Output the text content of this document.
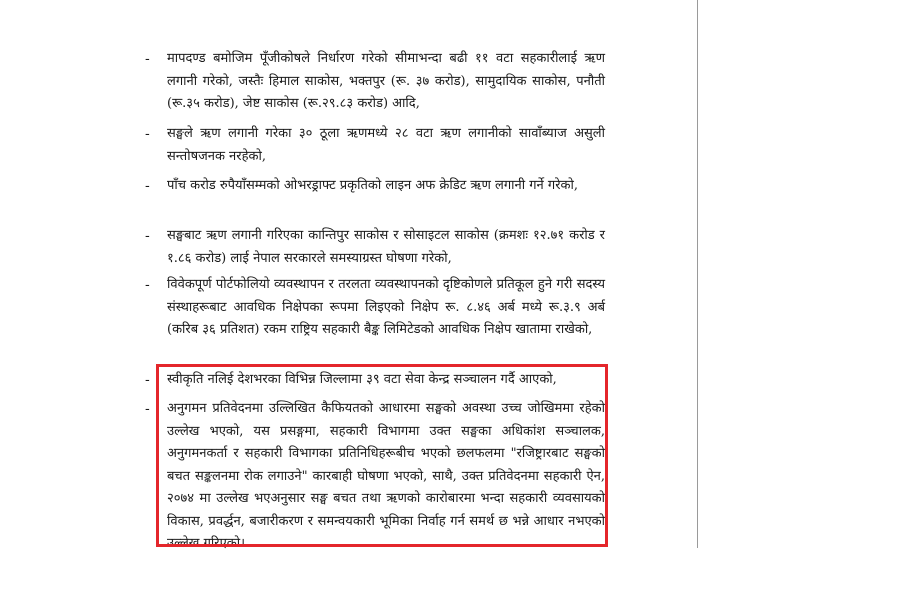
-	मापदण्ड बमोजिम पूँजीकोषले निर्धारण गरेको सीमाभन्दा बढी ११ वटा सहकारीलाई ऋण लगानी गरेको, जस्तैः हिमाल साकोस, भक्तपुर (रू. ३७ करोड), सामुदायिक साकोस, पनौती (रू.३५ करोड), जेष्ट साकोस (रू.२९.८३ करोड) आदि,
-	सङ्घले ऋण लगानी गरेका ३० ठूला ऋणमध्ये २८ वटा ऋण लगानीको सावाँब्याज असुली सन्तोषजनक नरहेको,
-	पाँच करोड रुपैयाँसम्मको ओभरड्राफ्ट प्रकृतिको लाइन अफ क्रेडिट ऋण लगानी गर्ने गरेको,
-	सङ्घबाट ऋण लगानी गरिएका कान्तिपुर साकोस र सोसाइटल साकोस (क्रमशः १२.७१ करोड र १.८६ करोड) लाई नेपाल सरकारले समस्याग्रस्त घोषणा गरेको,
-	विवेकपूर्ण पोर्टफोलियो व्यवस्थापन र तरलता व्यवस्थापनको दृष्टिकोणले प्रतिकूल हुने गरी सदस्य संस्थाहरूबाट आवधिक निक्षेपका रूपमा लिइएको निक्षेप रू. ८.४६ अर्ब मध्ये रू.३.९ अर्ब (करिब ३६ प्रतिशत) रकम राष्ट्रिय सहकारी बैङ्क लिमिटेडको आवधिक निक्षेप खातामा राखेको,
-	स्वीकृति नलिई देशभरका विभिन्न जिल्लामा ३९ वटा सेवा केन्द्र सञ्चालन गर्दै आएको,
-	अनुगमन प्रतिवेदनमा उल्लिखित कैफियतको आधारमा सङ्घको अवस्था उच्च जोखिममा रहेको उल्लेख भएको, यस प्रसङ्गमा, सहकारी विभागमा उक्त सङ्घका अधिकांश सञ्चालक, अनुगमनकर्ता र सहकारी विभागका प्रतिनिधिहरूबीच भएको छलफलमा "रजिष्ट्रारबाट सङ्घको बचत सङ्कलनमा रोक लगाउने" कारबाही घोषणा भएको, साथै, उक्त प्रतिवेदनमा सहकारी ऐन, २०७४ मा उल्लेख भएअनुसार सङ्घ बचत तथा ऋणको कारोबारमा भन्दा सहकारी व्यवसायको विकास, प्रवर्द्धन, बजारीकरण र समन्वयकारी भूमिका निर्वाह गर्न समर्थ छ भन्ने आधार नभएको उल्लेख गरिएको।
